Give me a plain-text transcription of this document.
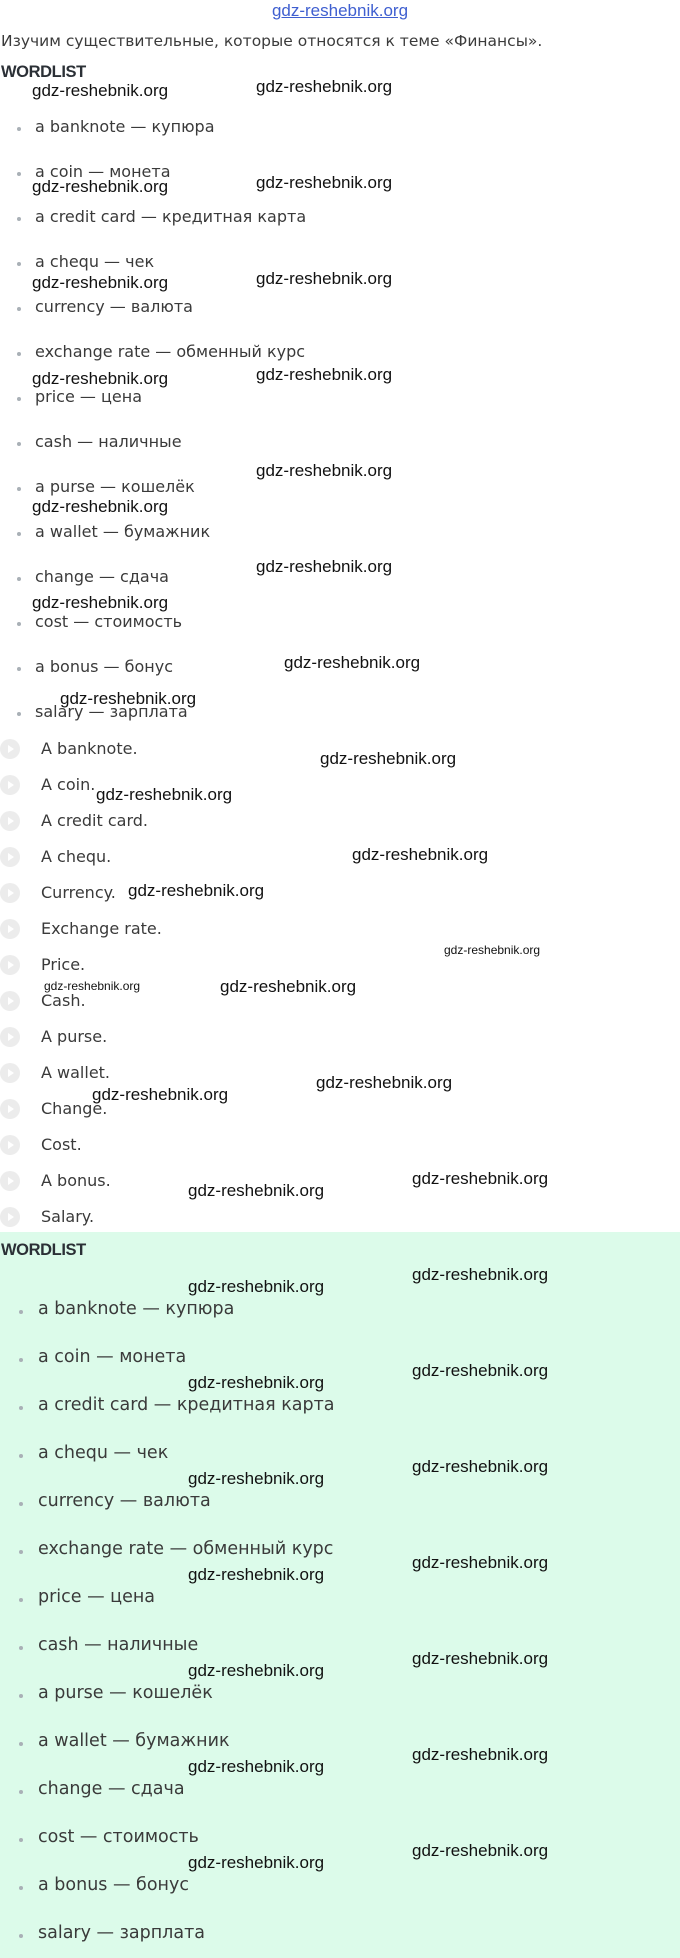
gdz-reshebnik.org
Изучим существительные, которые относятся к теме «Финансы».
WORDLIST
a banknote — купюра
a coin — монета
a credit card — кредитная карта
a chequ — чек
currency — валюта
exchange rate — обменный курс
price — цена
cash — наличные
a purse — кошелёк
a wallet — бумажник
change — сдача
cost — стоимость
a bonus — бонус
salary — зарплата
A banknote.
A coin.
A credit card.
A chequ.
Currency.
Exchange rate.
Price.
Cash.
A purse.
A wallet.
Change.
Cost.
A bonus.
Salary.
WORDLIST
a banknote — купюра
a coin — монета
a credit card — кредитная карта
a chequ — чек
currency — валюта
exchange rate — обменный курс
price — цена
cash — наличные
a purse — кошелёк
a wallet — бумажник
change — сдача
cost — стоимость
a bonus — бонус
salary — зарплата
gdz-reshebnik.org	gdz-reshebnik.org
gdz-reshebnik.org	gdz-reshebnik.org
gdz-reshebnik.org
gdz-reshebnik.org
gdz-reshebnik.org	gdz-reshebnik.org
gdz-reshebnik.org
gdz-reshebnik.org
gdz-reshebnik.org
gdz-reshebnik.org
gdz-reshebnik.org
gdz-reshebnik.org
gdz-reshebnik.org
gdz-reshebnik.org
gdz-reshebnik.org
gdz-reshebnik.org
gdz-reshebnik.org
gdz-reshebnik.org	gdz-reshebnik.org
gdz-reshebnik.org
gdz-reshebnik.org
gdz-reshebnik.org
gdz-reshebnik.org
gdz-reshebnik.org
gdz-reshebnik.org
gdz-reshebnik.org
gdz-reshebnik.org
gdz-reshebnik.org
gdz-reshebnik.org
gdz-reshebnik.org
gdz-reshebnik.org
gdz-reshebnik.org
gdz-reshebnik.org
gdz-reshebnik.org
gdz-reshebnik.org
gdz-reshebnik.org
gdz-reshebnik.org
